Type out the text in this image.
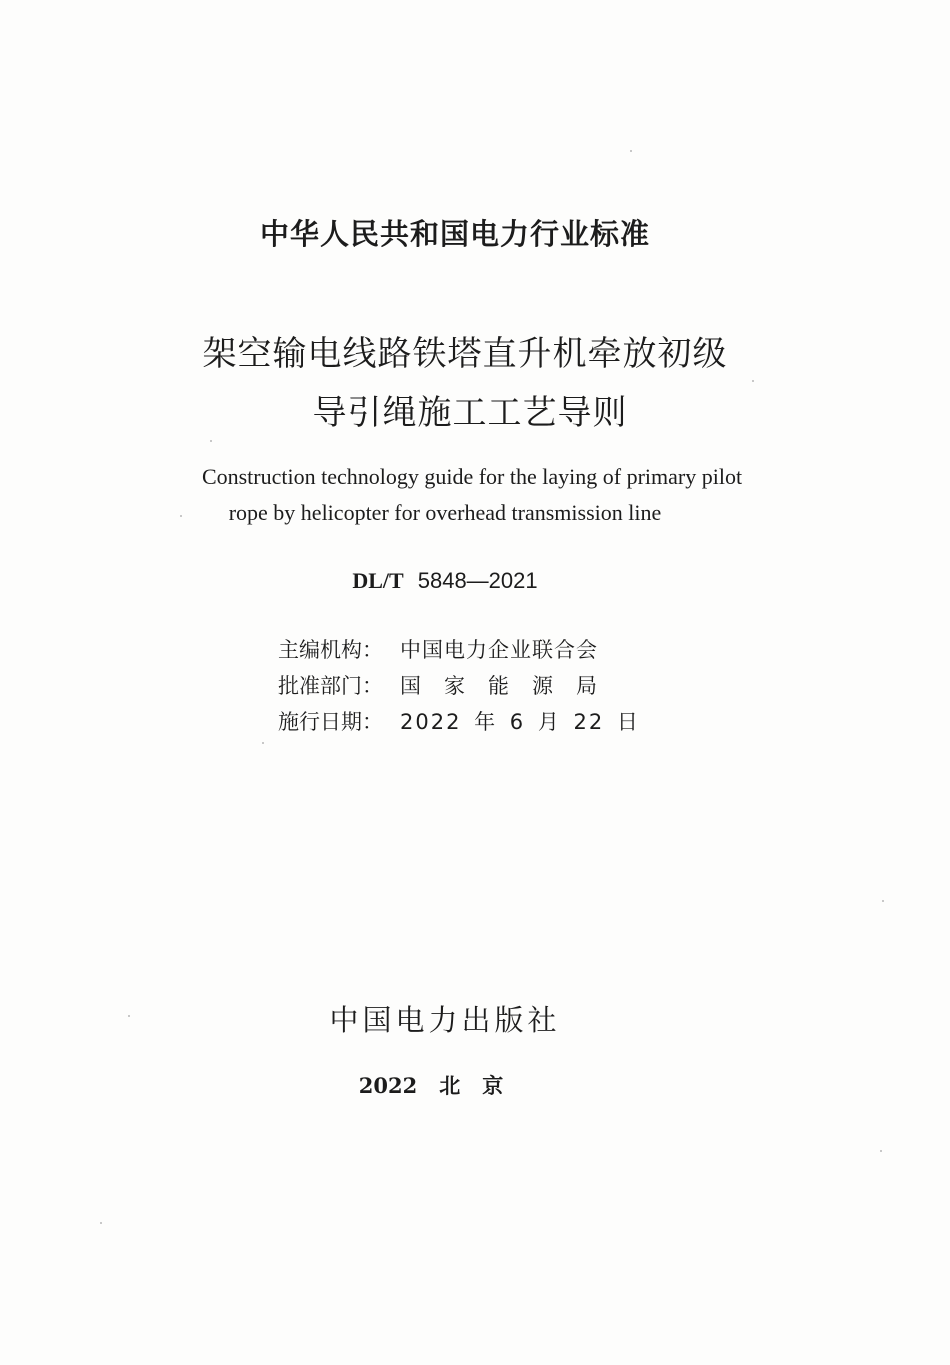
中华人民共和国电力行业标准
架空输电线路铁塔直升机牵放初级
导引绳施工工艺导则
Construction technology guide for the laying of primary pilot
rope by helicopter for overhead transmission line
DL/T 5848—2021
主编机构： 中国电力企业联合会
批准部门： 国家能源局
施行日期： 2022 年 6 月 22 日
中国电力出版社
2022 北京
